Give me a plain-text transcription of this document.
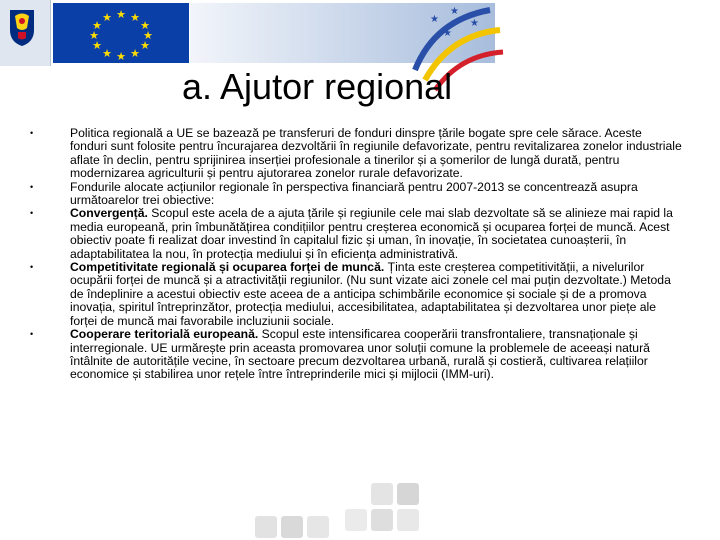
★ ★
★
★
★
★
★
★
★
★
★
★	★
★
★
★
a. Ajutor regional

•	Politica regională a UE se bazează pe transferuri de fonduri dinspre țările bogate spre cele sărace. Aceste fonduri sunt folosite pentru încurajarea dezvoltării în regiunile defavorizate, pentru revitalizarea zonelor industriale aflate în declin, pentru sprijinirea inserției profesionale a tinerilor și a șomerilor de lungă durată, pentru modernizarea agriculturii și pentru ajutorarea zonelor rurale defavorizate.

•	Fondurile alocate acțiunilor regionale în perspectiva financiară pentru 2007‑2013 se concentrează asupra următoarelor trei obiective:

•	Convergență. Scopul este acela de a ajuta țările și regiunile cele mai slab dezvoltate să se alinieze mai rapid la media europeană, prin îmbunătățirea condițiilor pentru creșterea economică și ocuparea forței de muncă. Acest obiectiv poate fi realizat doar investind în capitalul fizic și uman, în inovație, în societatea cunoașterii, în adaptabilitatea la nou, în protecția mediului și în eficiența administrativă.

•	Competitivitate regională și ocuparea forței de muncă. Ținta este creșterea competitivității, a nivelurilor ocupării forței de muncă și a atractivității regiunilor. (Nu sunt vizate aici zonele cel mai puțin dezvoltate.) Metoda de îndeplinire a acestui obiectiv este aceea de a anticipa schimbările economice și sociale și de a promova inovația, spiritul întreprinzător, protecția mediului, accesibilitatea, adaptabilitatea și dezvoltarea unor piețe ale forței de muncă mai favorabile incluziunii sociale.

•	Cooperare teritorială europeană. Scopul este intensificarea cooperării transfrontaliere, transnaționale și interregionale. UE urmărește prin aceasta promovarea unor soluții comune la problemele de aceeași natură întâlnite de autoritățile vecine, în sectoare precum dezvoltarea urbană, rurală și costieră, cultivarea relațiilor economice și stabilirea unor rețele între întreprinderile mici și mijlocii (IMM‑uri).
